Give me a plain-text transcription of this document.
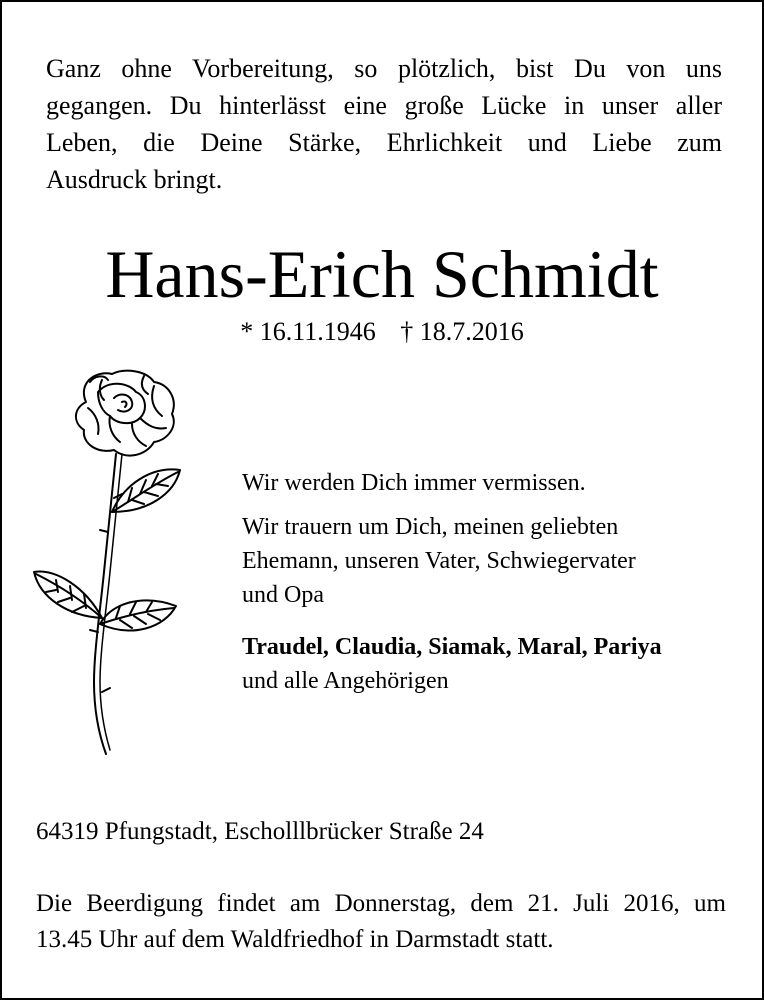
Ganz ohne Vorbereitung, so plötzlich, bist Du von uns
gegangen. Du hinterlässt eine große Lücke in unser aller
Leben, die Deine Stärke, Ehrlichkeit und Liebe zum
Ausdruck bringt.
Hans-Erich Schmidt
* 16.11.1946 † 18.7.2016

Wir werden Dich immer vermissen.

Wir trauern um Dich, meinen geliebten

Ehemann, unseren Vater, Schwiegervater

und Opa

Traudel, Claudia, Siamak, Maral, Pariya

und alle Angehörigen

64319 Pfungstadt, Escholllbrücker Straße 24
Die Beerdigung findet am Donnerstag, dem 21. Juli 2016, um
13.45 Uhr auf dem Waldfriedhof in Darmstadt statt.
